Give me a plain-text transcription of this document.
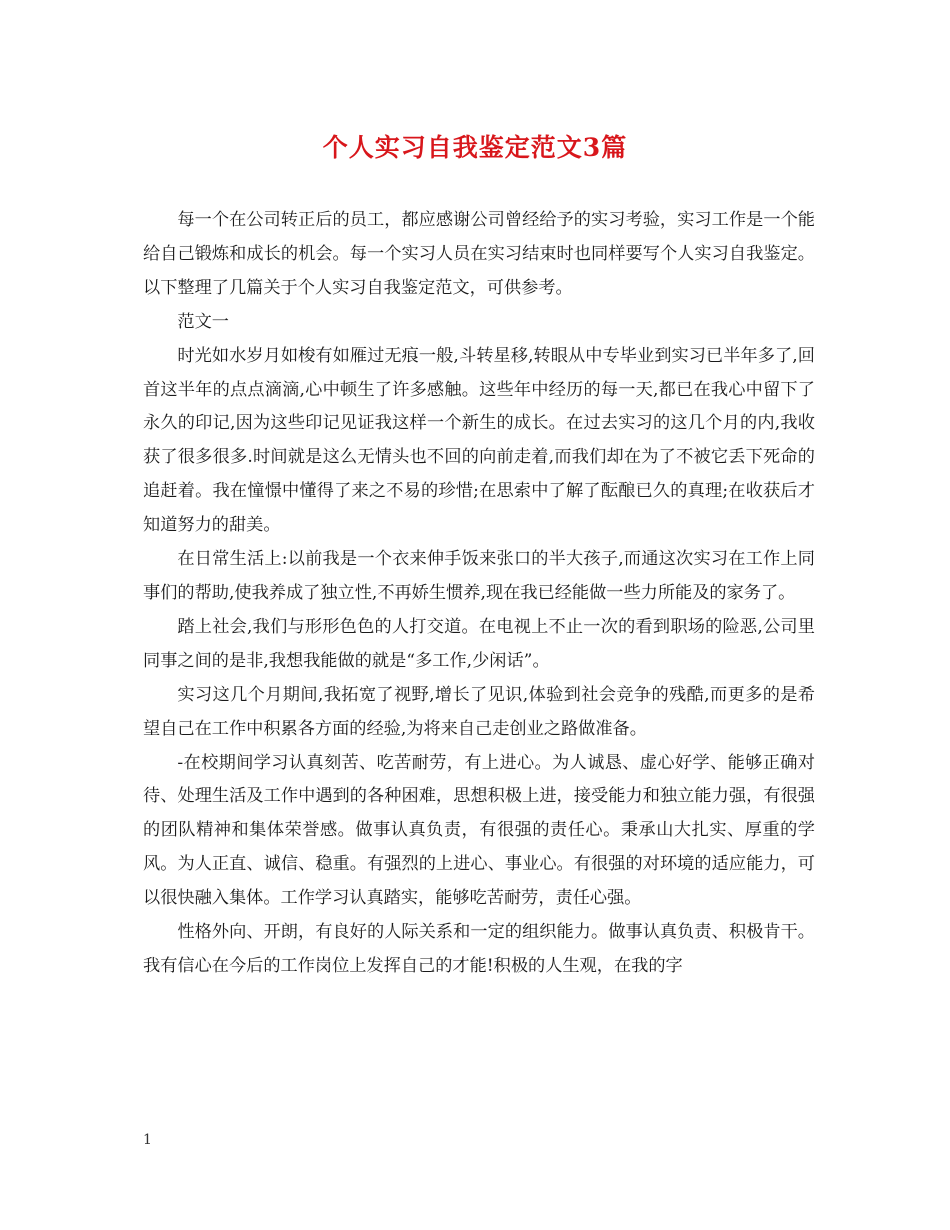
个人实习自我鉴定范文3篇

每一个在公司转正后的员工，都应感谢公司曾经给予的实习考验，实习工作是一个能给自己锻炼和成长的机会。每一个实习人员在实习结束时也同样要写个人实习自我鉴定。以下整理了几篇关于个人实习自我鉴定范文，可供参考。

范文一

时光如水岁月如梭有如雁过无痕一般,斗转星移,转眼从中专毕业到实习已半年多了,回首这半年的点点滴滴,心中顿生了许多感触。这些年中经历的每一天,都已在我心中留下了永久的印记,因为这些印记见证我这样一个新生的成长。在过去实习的这几个月的内,我收获了很多很多.时间就是这么无情头也不回的向前走着,而我们却在为了不被它丢下死命的追赶着。我在憧憬中懂得了来之不易的珍惜;在思索中了解了酝酿已久的真理;在收获后才知道努力的甜美。

在日常生活上:以前我是一个衣来伸手饭来张口的半大孩子,而通这次实习在工作上同事们的帮助,使我养成了独立性,不再娇生惯养,现在我已经能做一些力所能及的家务了。

踏上社会,我们与形形色色的人打交道。在电视上不止一次的看到职场的险恶,公司里同事之间的是非,我想我能做的就是“多工作,少闲话”。

实习这几个月期间,我拓宽了视野,增长了见识,体验到社会竞争的残酷,而更多的是希望自己在工作中积累各方面的经验,为将来自己走创业之路做准备。

-在校期间学习认真刻苦、吃苦耐劳，有上进心。为人诚恳、虚心好学、能够正确对待、处理生活及工作中遇到的各种困难，思想积极上进，接受能力和独立能力强，有很强的团队精神和集体荣誉感。做事认真负责，有很强的责任心。秉承山大扎实、厚重的学风。为人正直、诚信、稳重。有强烈的上进心、事业心。有很强的对环境的适应能力，可以很快融入集体。工作学习认真踏实，能够吃苦耐劳，责任心强。

性格外向、开朗，有良好的人际关系和一定的组织能力。做事认真负责、积极肯干。我有信心在今后的工作岗位上发挥自己的才能!积极的人生观，在我的字

1
